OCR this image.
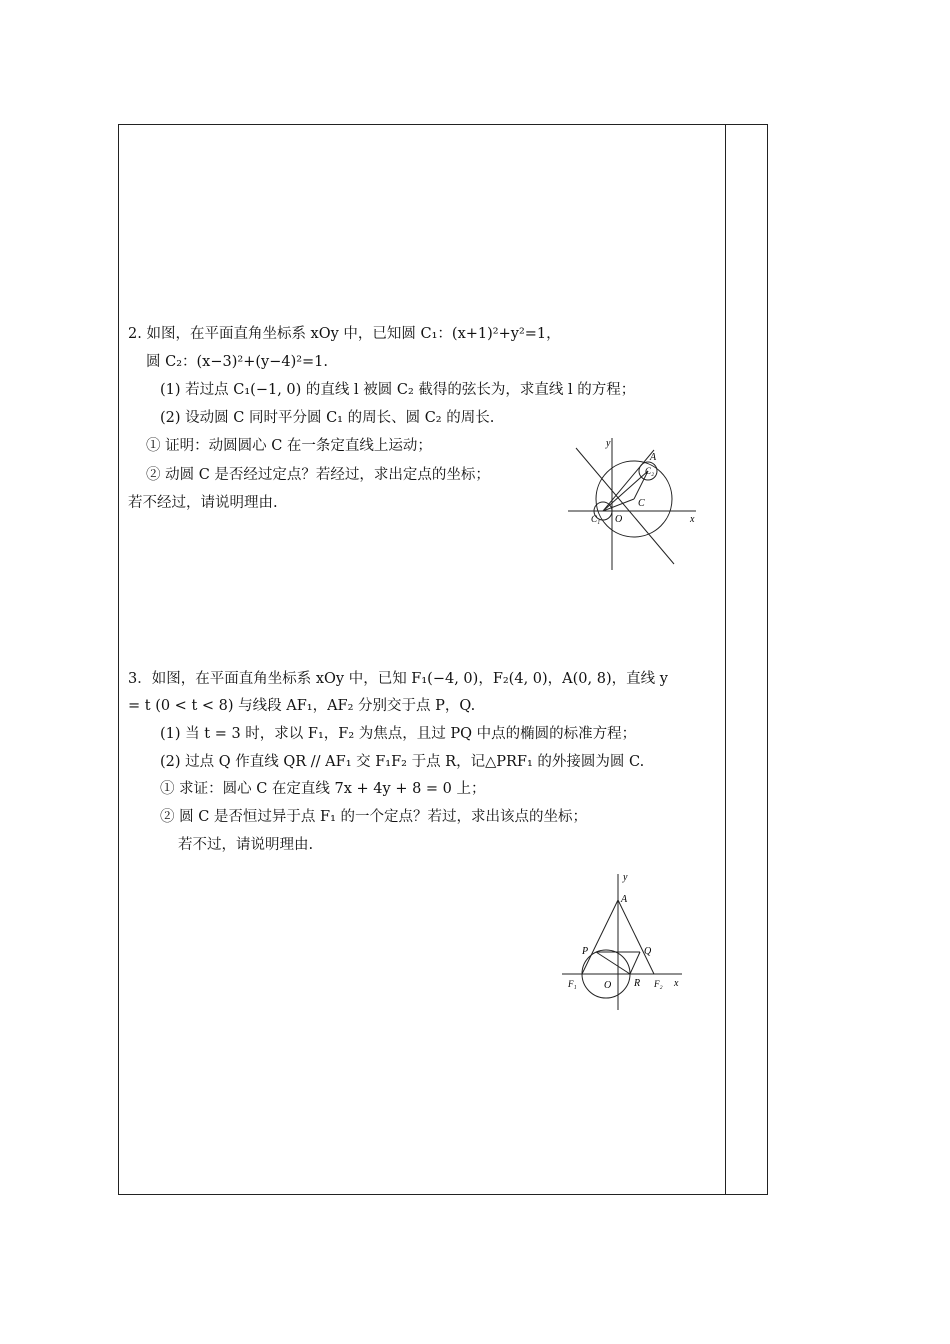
2. 如图，在平面直角坐标系 xOy 中，已知圆 C₁：(x+1)²+y²=1，
圆 C₂：(x−3)²+(y−4)²=1.
(1) 若过点 C₁(−1, 0) 的直线 l 被圆 C₂ 截得的弦长为，求直线 l 的方程；
(2) 设动圆 C 同时平分圆 C₁ 的周长、圆 C₂ 的周长.
① 证明：动圆圆心 C 在一条定直线上运动；
② 动圆 C 是否经过定点？若经过，求出定点的坐标；
若不经过，请说明理由.
y
x
A
C₂
C
C₁ O
3．如图，在平面直角坐标系 xOy 中，已知 F₁(−4, 0)，F₂(4, 0)，A(0, 8)，直线 y
= t (0 < t < 8) 与线段 AF₁，AF₂ 分别交于点 P，Q.
(1) 当 t = 3 时，求以 F₁，F₂ 为焦点，且过 PQ 中点的椭圆的标准方程；
(2) 过点 Q 作直线 QR // AF₁ 交 F₁F₂ 于点 R，记△PRF₁ 的外接圆为圆 C.
① 求证：圆心 C 在定直线 7x + 4y + 8 = 0 上；
② 圆 C 是否恒过异于点 F₁ 的一个定点？若过，求出该点的坐标；
若不过，请说明理由.
y
A
P	Q
F₁	O R F₂ x
